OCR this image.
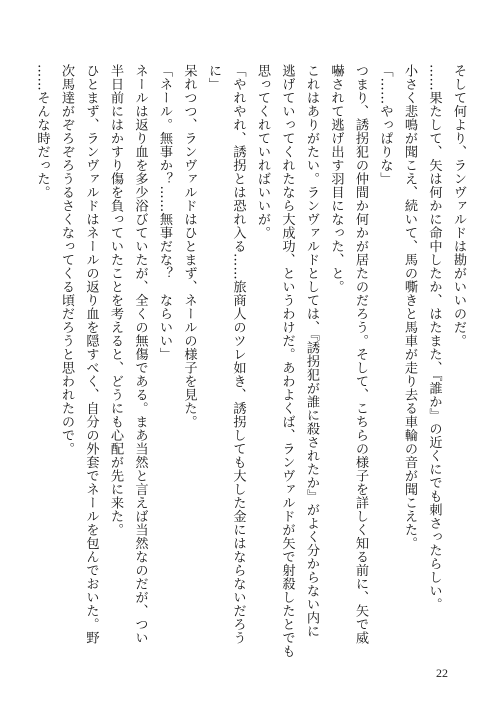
そして何より、ランヴァルドは勘がいいのだ。
……果たして、矢は何かに命中したか、はたまた、『誰か』の近くにでも刺さったらしい。
小さく悲鳴が聞こえ、続いて、馬の嘶きと馬車が走り去る車輪の音が聞こえた。
「……やっぱりな」
つまり、誘拐犯の仲間か何かが居たのだろう。そして、こちらの様子を詳しく知る前に、矢で威
嚇されて逃げ出す羽目になった、と。
これはありがたい。ランヴァルドとしては、『誘拐犯が誰に殺されたか』がよく分からない内に
逃げていってくれたなら大成功、というわけだ。あわよくば、ランヴァルドが矢で射殺したとでも
思ってくれていればいいが。
「やれやれ、誘拐とは恐れ入る……旅商人のツレ如き、誘拐しても大した金にはならないだろう
に」
呆れつつ、ランヴァルドはひとまず、ネールの様子を見た。
「ネール。無事か？……無事だな？　ならいい」
ネールは返り血を多少浴びていたが、全くの無傷である。まあ当然と言えば当然なのだが、つい
半日前にはかすり傷を負っていたことを考えると、どうにも心配が先に来た。
ひとまず、ランヴァルドはネールの返り血を隠すべく、自分の外套でネールを包んでおいた。野
次馬達がぞろぞろうるさくなってくる頃だろうと思われたので。
……そんな時だった。
22
